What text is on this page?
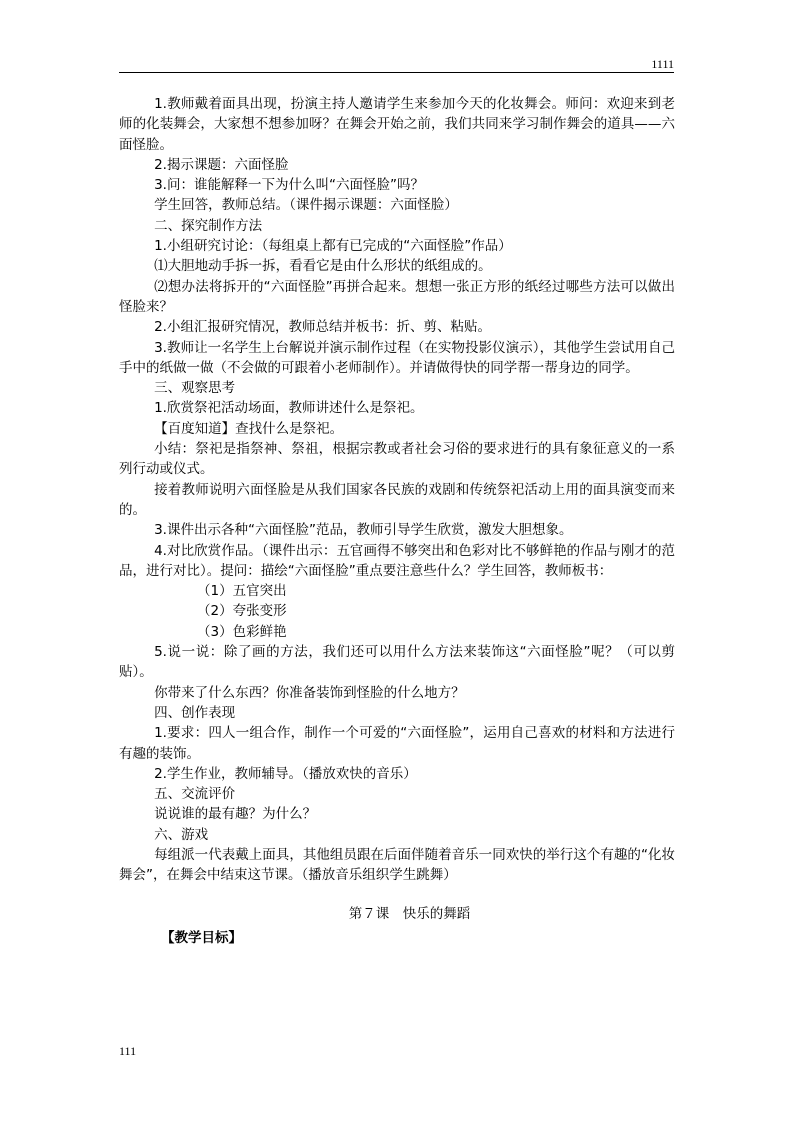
1111

1.教师戴着面具出现，扮演主持人邀请学生来参加今天的化妆舞会。师问：欢迎来到老师的化装舞会，大家想不想参加呀？在舞会开始之前，我们共同来学习制作舞会的道具——六面怪脸。

2.揭示课题：六面怪脸

3.问：谁能解释一下为什么叫“六面怪脸”吗？

学生回答，教师总结。（课件揭示课题：六面怪脸）

二、探究制作方法

1.小组研究讨论：（每组桌上都有已完成的“六面怪脸”作品）

⑴大胆地动手拆一拆，看看它是由什么形状的纸组成的。

⑵想办法将拆开的“六面怪脸”再拼合起来。想想一张正方形的纸经过哪些方法可以做出怪脸来？

2.小组汇报研究情况，教师总结并板书：折、剪、粘贴。

3.教师让一名学生上台解说并演示制作过程（在实物投影仪演示），其他学生尝试用自己手中的纸做一做（不会做的可跟着小老师制作）。并请做得快的同学帮一帮身边的同学。

三、观察思考

1.欣赏祭祀活动场面，教师讲述什么是祭祀。

【百度知道】查找什么是祭祀。

小结：祭祀是指祭神、祭祖，根据宗教或者社会习俗的要求进行的具有象征意义的一系列行动或仪式。

接着教师说明六面怪脸是从我们国家各民族的戏剧和传统祭祀活动上用的面具演变而来的。

3.课件出示各种“六面怪脸”范品，教师引导学生欣赏，激发大胆想象。

4.对比欣赏作品。（课件出示：五官画得不够突出和色彩对比不够鲜艳的作品与刚才的范品，进行对比）。提问：描绘“六面怪脸”重点要注意些什么？学生回答，教师板书：

（1）五官突出

（2）夸张变形

（3）色彩鲜艳

5.说一说：除了画的方法，我们还可以用什么方法来装饰这“六面怪脸”呢？（可以剪贴）。

你带来了什么东西？你准备装饰到怪脸的什么地方？

四、创作表现

1.要求：四人一组合作，制作一个可爱的“六面怪脸”，运用自己喜欢的材料和方法进行有趣的装饰。

2.学生作业，教师辅导。（播放欢快的音乐）

五、交流评价

说说谁的最有趣？为什么？

六、游戏

每组派一代表戴上面具，其他组员跟在后面伴随着音乐一同欢快的举行这个有趣的“化妆舞会”，在舞会中结束这节课。（播放音乐组织学生跳舞）

第７课　快乐的舞蹈

【教学目标】

111
